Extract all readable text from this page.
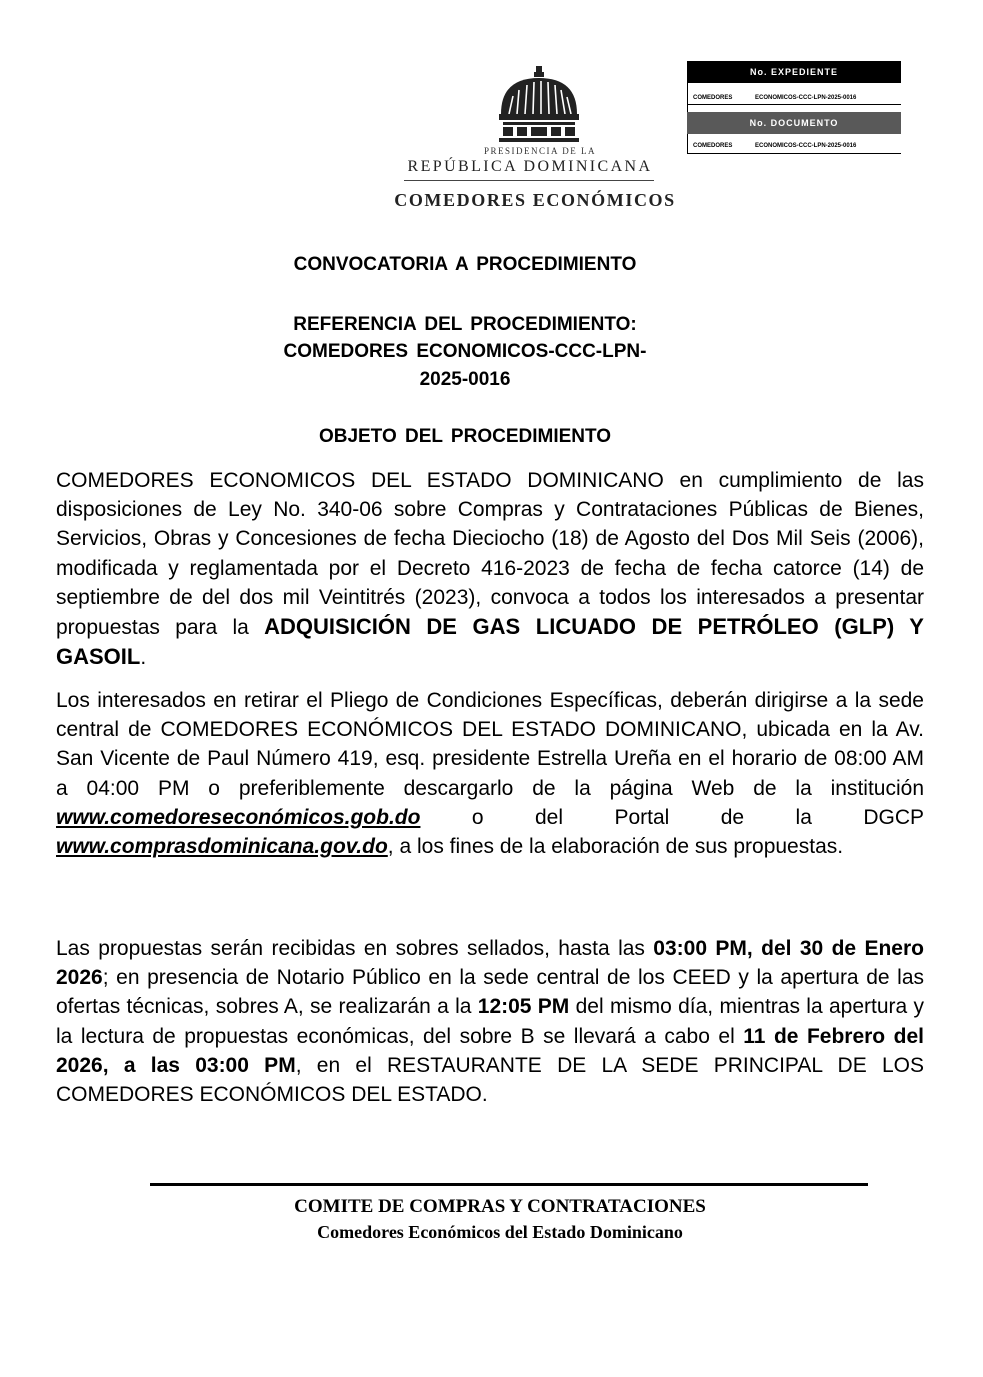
PRESIDENCIA DE LA
REPÚBLICA DOMINICANA
COMEDORES ECONÓMICOS
No. EXPEDIENTE
COMEDORES	ECONOMICOS-CCC-LPN-2025-0016
No. DOCUMENTO
COMEDORES	ECONOMICOS-CCC-LPN-2025-0016
CONVOCATORIA A PROCEDIMIENTO
REFERENCIA DEL PROCEDIMIENTO:
COMEDORES ECONOMICOS-CCC-LPN-
2025-0016
OBJETO DEL PROCEDIMIENTO
COMEDORES ECONOMICOS DEL ESTADO DOMINICANO en cumplimiento de las disposiciones de Ley No. 340-06 sobre Compras y Contrataciones Públicas de Bienes, Servicios, Obras y Concesiones de fecha Dieciocho (18) de Agosto del Dos Mil Seis (2006), modificada y reglamentada por el Decreto 416-2023 de fecha de fecha catorce (14) de septiembre de del dos mil Veintitrés (2023), convoca a todos los interesados a presentar propuestas para la ADQUISICIÓN DE GAS LICUADO DE PETRÓLEO (GLP) Y GASOIL.
Los interesados en retirar el Pliego de Condiciones Específicas, deberán dirigirse a la sede central de COMEDORES ECONÓMICOS DEL ESTADO DOMINICANO, ubicada en la Av. San Vicente de Paul Número 419, esq. presidente Estrella Ureña en el horario de 08:00 AM a 04:00 PM o preferiblemente descargarlo de la página Web de la institución www.comedoreseconómicos.gob.do o del Portal de la DGCP www.comprasdominicana.gov.do, a los fines de la elaboración de sus propuestas.
Las propuestas serán recibidas en sobres sellados, hasta las 03:00 PM, del 30 de Enero 2026; en presencia de Notario Público en la sede central de los CEED y la apertura de las ofertas técnicas, sobres A, se realizarán a la 12:05 PM del mismo día, mientras la apertura y la lectura de propuestas económicas, del sobre B se llevará a cabo el 11 de Febrero del 2026, a las 03:00 PM, en el RESTAURANTE DE LA SEDE PRINCIPAL DE LOS COMEDORES ECONÓMICOS DEL ESTADO.
COMITE DE COMPRAS Y CONTRATACIONES
Comedores Económicos del Estado Dominicano
